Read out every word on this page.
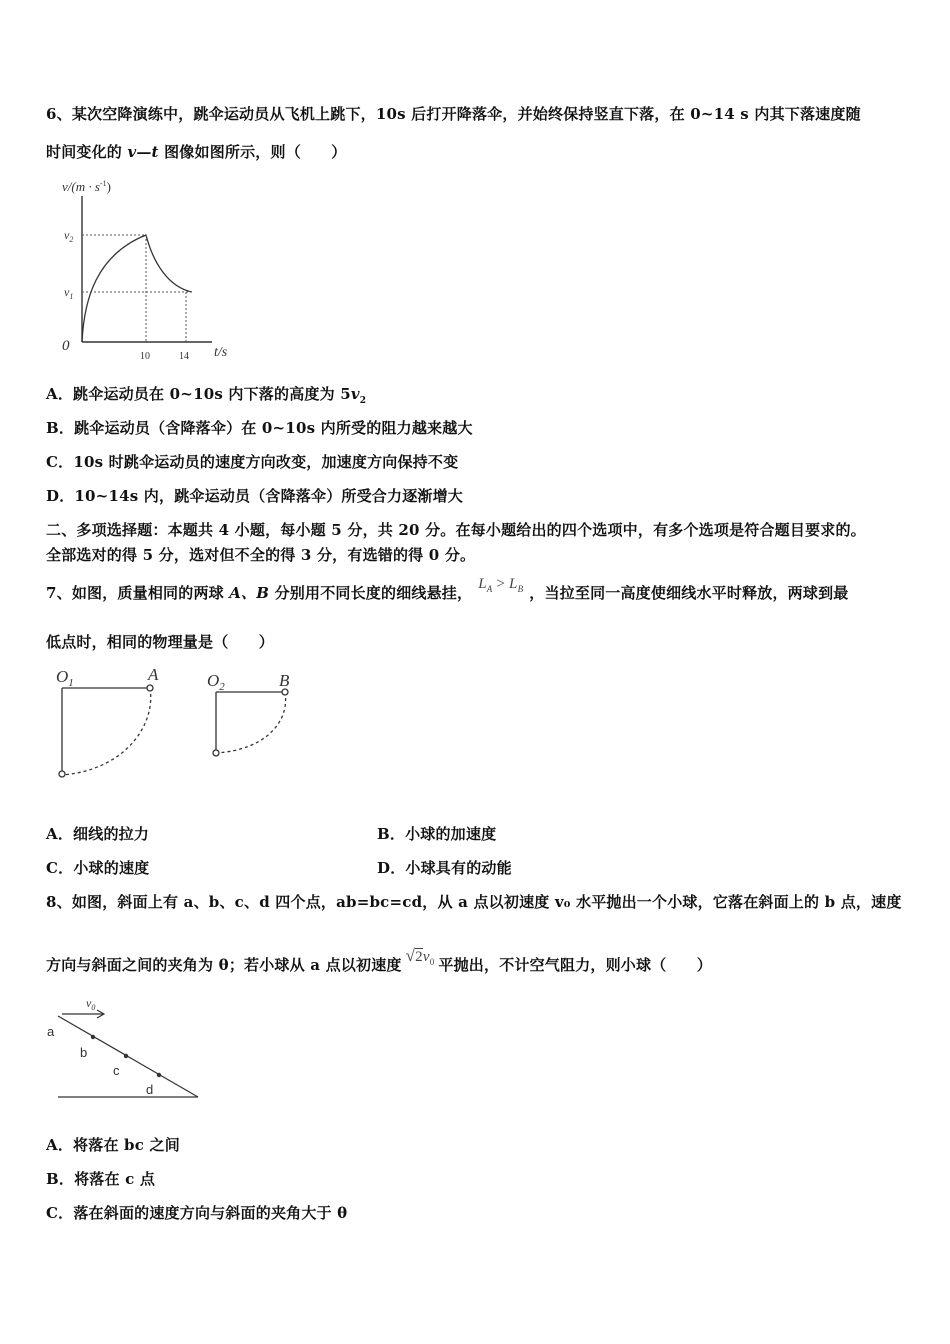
6、某次空降演练中，跳伞运动员从飞机上跳下，10s 后打开降落伞，并始终保持竖直下落，在 0~14 s 内其下落速度随
时间变化的 v—t 图像如图所示，则（　　）
$v/(m \cdot s^{-1})$
$v_2$
$v_1$
0
10	14 t/s
A．跳伞运动员在 0~10s 内下落的高度为 $5v_2$
B．跳伞运动员（含降落伞）在 0~10s 内所受的阻力越来越大
C．10s 时跳伞运动员的速度方向改变，加速度方向保持不变
D．10~14s 内，跳伞运动员（含降落伞）所受合力逐渐增大
二、多项选择题：本题共 4 小题，每小题 5 分，共 20 分。在每小题给出的四个选项中，有多个选项是符合题目要求的。
全部选对的得 5 分，选对但不全的得 3 分，有选错的得 0 分。
7、如图，质量相同的两球 A、B 分别用不同长度的细线悬挂， $L_A > L_B$ ，当拉至同一高度使细线水平时释放，两球到最
低点时，相同的物理量是（　　）
$O_1$	A	$O_2$	B
A．细线的拉力	B．小球的加速度
C．小球的速度	D．小球具有的动能
8、如图，斜面上有 a、b、c、d 四个点，ab=bc=cd，从 a 点以初速度 v₀ 水平抛出一个小球，它落在斜面上的 b 点，速度
方向与斜面之间的夹角为 θ；若小球从 a 点以初速度 $√2v_0$ 平抛出，不计空气阻力，则小球（　　）
$v_0$
a
b
c
d
A．将落在 bc 之间
B．将落在 c 点
C．落在斜面的速度方向与斜面的夹角大于 θ
